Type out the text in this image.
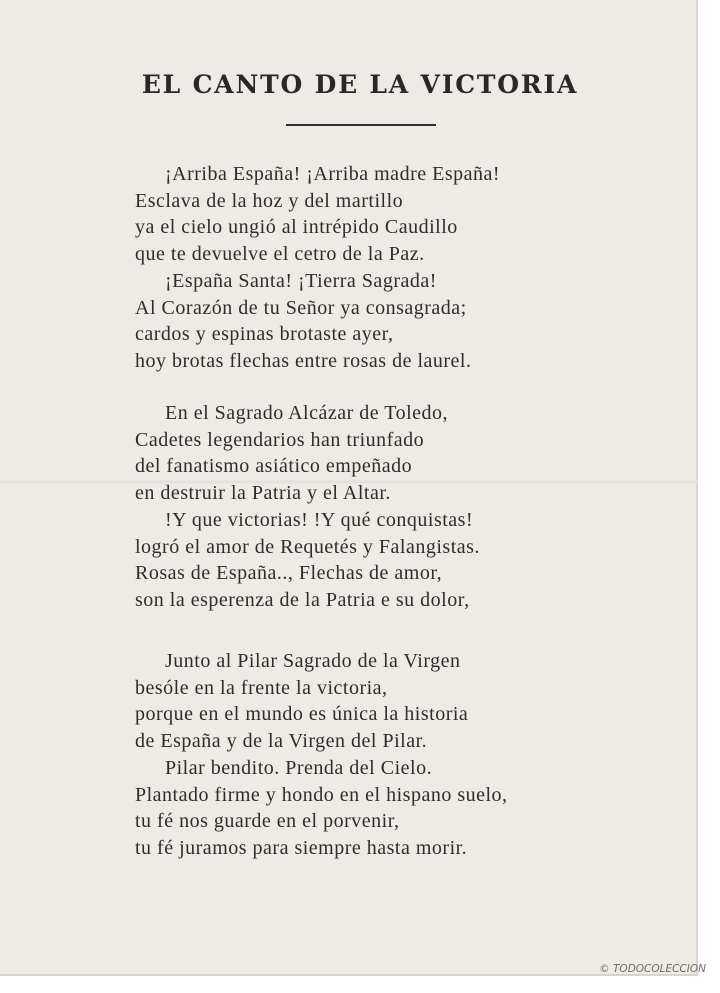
EL CANTO DE LA VICTORIA
¡Arriba España! ¡Arriba madre España!
Esclava de la hoz y del martillo
ya el cielo ungió al intrépido Caudillo
que te devuelve el cetro de la Paz.
¡España Santa! ¡Tierra Sagrada!
Al Corazón de tu Señor ya consagrada;
cardos y espinas brotaste ayer,
hoy brotas flechas entre rosas de laurel.
En el Sagrado Alcázar de Toledo,
Cadetes legendarios han triunfado
del fanatismo asiático empeñado
en destruir la Patria y el Altar.
!Y que victorias! !Y qué conquistas!
logró el amor de Requetés y Falangistas.
Rosas de España.., Flechas de amor,
son la esperenza de la Patria e su dolor,
Junto al Pilar Sagrado de la Virgen
besóle en la frente la victoria,
porque en el mundo es única la historia
de España y de la Virgen del Pilar.
Pilar bendito. Prenda del Cielo.
Plantado firme y hondo en el hispano suelo,
tu fé nos guarde en el porvenir,
tu fé juramos para siempre hasta morir.
© TODOCOLECCION
